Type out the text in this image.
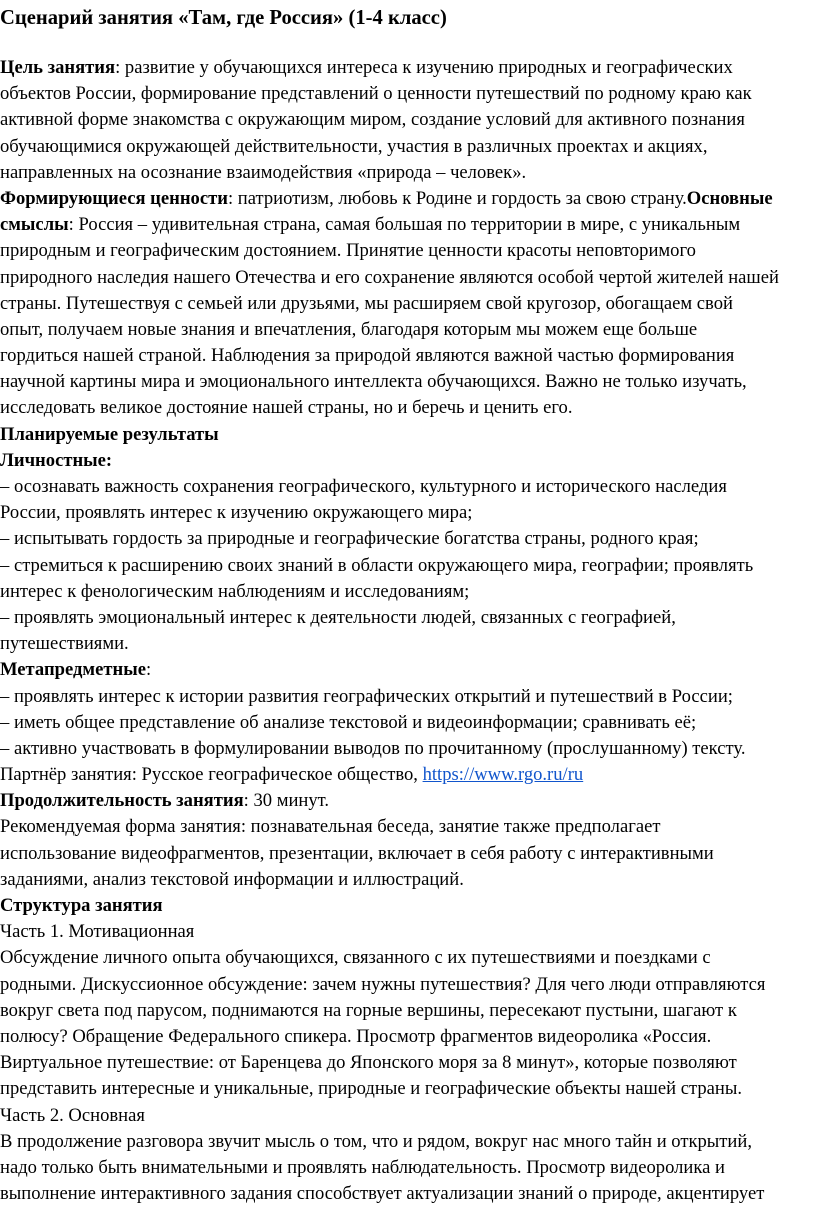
Сценарий занятия «Там, где Россия» (1-4 класс)
Цель занятия: развитие у обучающихся интереса к изучению природных и географических
объектов России, формирование представлений о ценности путешествий по родному краю как
активной форме знакомства с окружающим миром, создание условий для активного познания
обучающимися окружающей действительности, участия в различных проектах и акциях,
направленных на осознание взаимодействия «природа – человек».
Формирующиеся ценности: патриотизм, любовь к Родине и гордость за свою страну.Основные
смыслы: Россия – удивительная страна, самая большая по территории в мире, с уникальным
природным и географическим достоянием. Принятие ценности красоты неповторимого
природного наследия нашего Отечества и его сохранение являются особой чертой жителей нашей
страны. Путешествуя с семьей или друзьями, мы расширяем свой кругозор, обогащаем свой
опыт, получаем новые знания и впечатления, благодаря которым мы можем еще больше
гордиться нашей страной. Наблюдения за природой являются важной частью формирования
научной картины мира и эмоционального интеллекта обучающихся. Важно не только изучать,
исследовать великое достояние нашей страны, но и беречь и ценить его.
Планируемые результаты
Личностные:
– осознавать важность сохранения географического, культурного и исторического наследия
России, проявлять интерес к изучению окружающего мира;
– испытывать гордость за природные и географические богатства страны, родного края;
– стремиться к расширению своих знаний в области окружающего мира, географии; проявлять
интерес к фенологическим наблюдениям и исследованиям;
– проявлять эмоциональный интерес к деятельности людей, связанных с географией,
путешествиями.
Метапредметные:
– проявлять интерес к истории развития географических открытий и путешествий в России;
– иметь общее представление об анализе текстовой и видеоинформации; сравнивать её;
– активно участвовать в формулировании выводов по прочитанному (прослушанному) тексту.
Партнёр занятия: Русское географическое общество, https://www.rgo.ru/ru
Продолжительность занятия: 30 минут.
Рекомендуемая форма занятия: познавательная беседа, занятие также предполагает
использование видеофрагментов, презентации, включает в себя работу с интерактивными
заданиями, анализ текстовой информации и иллюстраций.
Структура занятия
Часть 1. Мотивационная
Обсуждение личного опыта обучающихся, связанного с их путешествиями и поездками с
родными. Дискуссионное обсуждение: зачем нужны путешествия? Для чего люди отправляются
вокруг света под парусом, поднимаются на горные вершины, пересекают пустыни, шагают к
полюсу? Обращение Федерального спикера. Просмотр фрагментов видеоролика «Россия.
Виртуальное путешествие: от Баренцева до Японского моря за 8 минут», которые позволяют
представить интересные и уникальные, природные и географические объекты нашей страны.
Часть 2. Основная
В продолжение разговора звучит мысль о том, что и рядом, вокруг нас много тайн и открытий,
надо только быть внимательными и проявлять наблюдательность. Просмотр видеоролика и
выполнение интерактивного задания способствует актуализации знаний о природе, акцентирует
